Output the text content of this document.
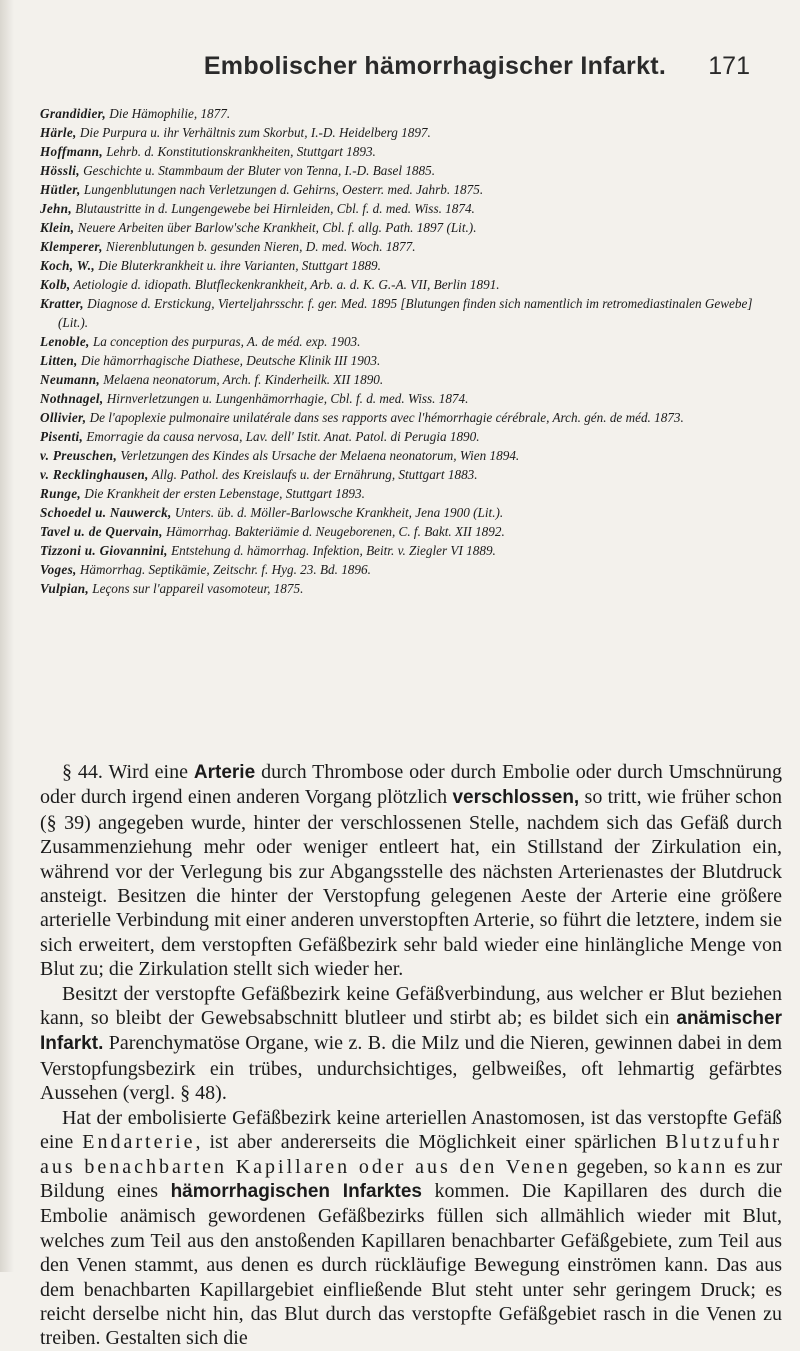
Embolischer hämorrhagischer Infarkt.	171
Grandidier, Die Hämophilie, 1877.
Härle, Die Purpura u. ihr Verhältnis zum Skorbut, I.-D. Heidelberg 1897.
Hoffmann, Lehrb. d. Konstitutionskrankheiten, Stuttgart 1893.
Hössli, Geschichte u. Stammbaum der Bluter von Tenna, I.-D. Basel 1885.
Hütler, Lungenblutungen nach Verletzungen d. Gehirns, Oesterr. med. Jahrb. 1875.
Jehn, Blutaustritte in d. Lungengewebe bei Hirnleiden, Cbl. f. d. med. Wiss. 1874.
Klein, Neuere Arbeiten über Barlow'sche Krankheit, Cbl. f. allg. Path. 1897 (Lit.).
Klemperer, Nierenblutungen b. gesunden Nieren, D. med. Woch. 1877.
Koch, W., Die Bluterkrankheit u. ihre Varianten, Stuttgart 1889.
Kolb, Aetiologie d. idiopath. Blutfleckenkrankheit, Arb. a. d. K. G.-A. VII, Berlin 1891.
Kratter, Diagnose d. Erstickung, Vierteljahrsschr. f. ger. Med. 1895 [Blutungen finden sich namentlich im retromediastinalen Gewebe] (Lit.).
Lenoble, La conception des purpuras, A. de méd. exp. 1903.
Litten, Die hämorrhagische Diathese, Deutsche Klinik III 1903.
Neumann, Melaena neonatorum, Arch. f. Kinderheilk. XII 1890.
Nothnagel, Hirnverletzungen u. Lungenhämorrhagie, Cbl. f. d. med. Wiss. 1874.
Ollivier, De l'apoplexie pulmonaire unilatérale dans ses rapports avec l'hémorrhagie cérébrale, Arch. gén. de méd. 1873.
Pisenti, Emorragie da causa nervosa, Lav. dell' Istit. Anat. Patol. di Perugia 1890.
v. Preuschen, Verletzungen des Kindes als Ursache der Melaena neonatorum, Wien 1894.
v. Recklinghausen, Allg. Pathol. des Kreislaufs u. der Ernährung, Stuttgart 1883.
Runge, Die Krankheit der ersten Lebenstage, Stuttgart 1893.
Schoedel u. Nauwerck, Unters. üb. d. Möller-Barlowsche Krankheit, Jena 1900 (Lit.).
Tavel u. de Quervain, Hämorrhag. Bakteriämie d. Neugeborenen, C. f. Bakt. XII 1892.
Tizzoni u. Giovannini, Entstehung d. hämorrhag. Infektion, Beitr. v. Ziegler VI 1889.
Voges, Hämorrhag. Septikämie, Zeitschr. f. Hyg. 23. Bd. 1896.
Vulpian, Leçons sur l'appareil vasomoteur, 1875.

§ 44. Wird eine Arterie durch Thrombose oder durch Embolie oder durch Umschnürung oder durch irgend einen anderen Vorgang plötzlich verschlossen, so tritt, wie früher schon (§ 39) angegeben wurde, hinter der verschlossenen Stelle, nachdem sich das Gefäß durch Zusammenziehung mehr oder weniger entleert hat, ein Stillstand der Zirkulation ein, während vor der Verlegung bis zur Abgangsstelle des nächsten Arterienastes der Blutdruck ansteigt. Besitzen die hinter der Verstopfung gelegenen Aeste der Arterie eine größere arterielle Verbindung mit einer anderen unverstopften Arterie, so führt die letztere, indem sie sich erweitert, dem verstopften Gefäßbezirk sehr bald wieder eine hinlängliche Menge von Blut zu; die Zirkulation stellt sich wieder her.

Besitzt der verstopfte Gefäßbezirk keine Gefäßverbindung, aus welcher er Blut beziehen kann, so bleibt der Gewebsabschnitt blutleer und stirbt ab; es bildet sich ein anämischer Infarkt. Parenchymatöse Organe, wie z. B. die Milz und die Nieren, gewinnen dabei in dem Verstopfungsbezirk ein trübes, undurchsichtiges, gelbweißes, oft lehmartig gefärbtes Aussehen (vergl. § 48).

Hat der embolisierte Gefäßbezirk keine arteriellen Anastomosen, ist das verstopfte Gefäß eine Endarterie, ist aber andererseits die Möglichkeit einer spärlichen Blutzufuhr aus benachbarten Kapillaren oder aus den Venen gegeben, so kann es zur Bildung eines hämorrhagischen Infarktes kommen. Die Kapillaren des durch die Embolie anämisch gewordenen Gefäßbezirks füllen sich allmählich wieder mit Blut, welches zum Teil aus den anstoßenden Kapillaren benachbarter Gefäßgebiete, zum Teil aus den Venen stammt, aus denen es durch rückläufige Bewegung einströmen kann. Das aus dem benachbarten Kapillargebiet einfließende Blut steht unter sehr geringem Druck; es reicht derselbe nicht hin, das Blut durch das verstopfte Gefäßgebiet rasch in die Venen zu treiben. Gestalten sich die
